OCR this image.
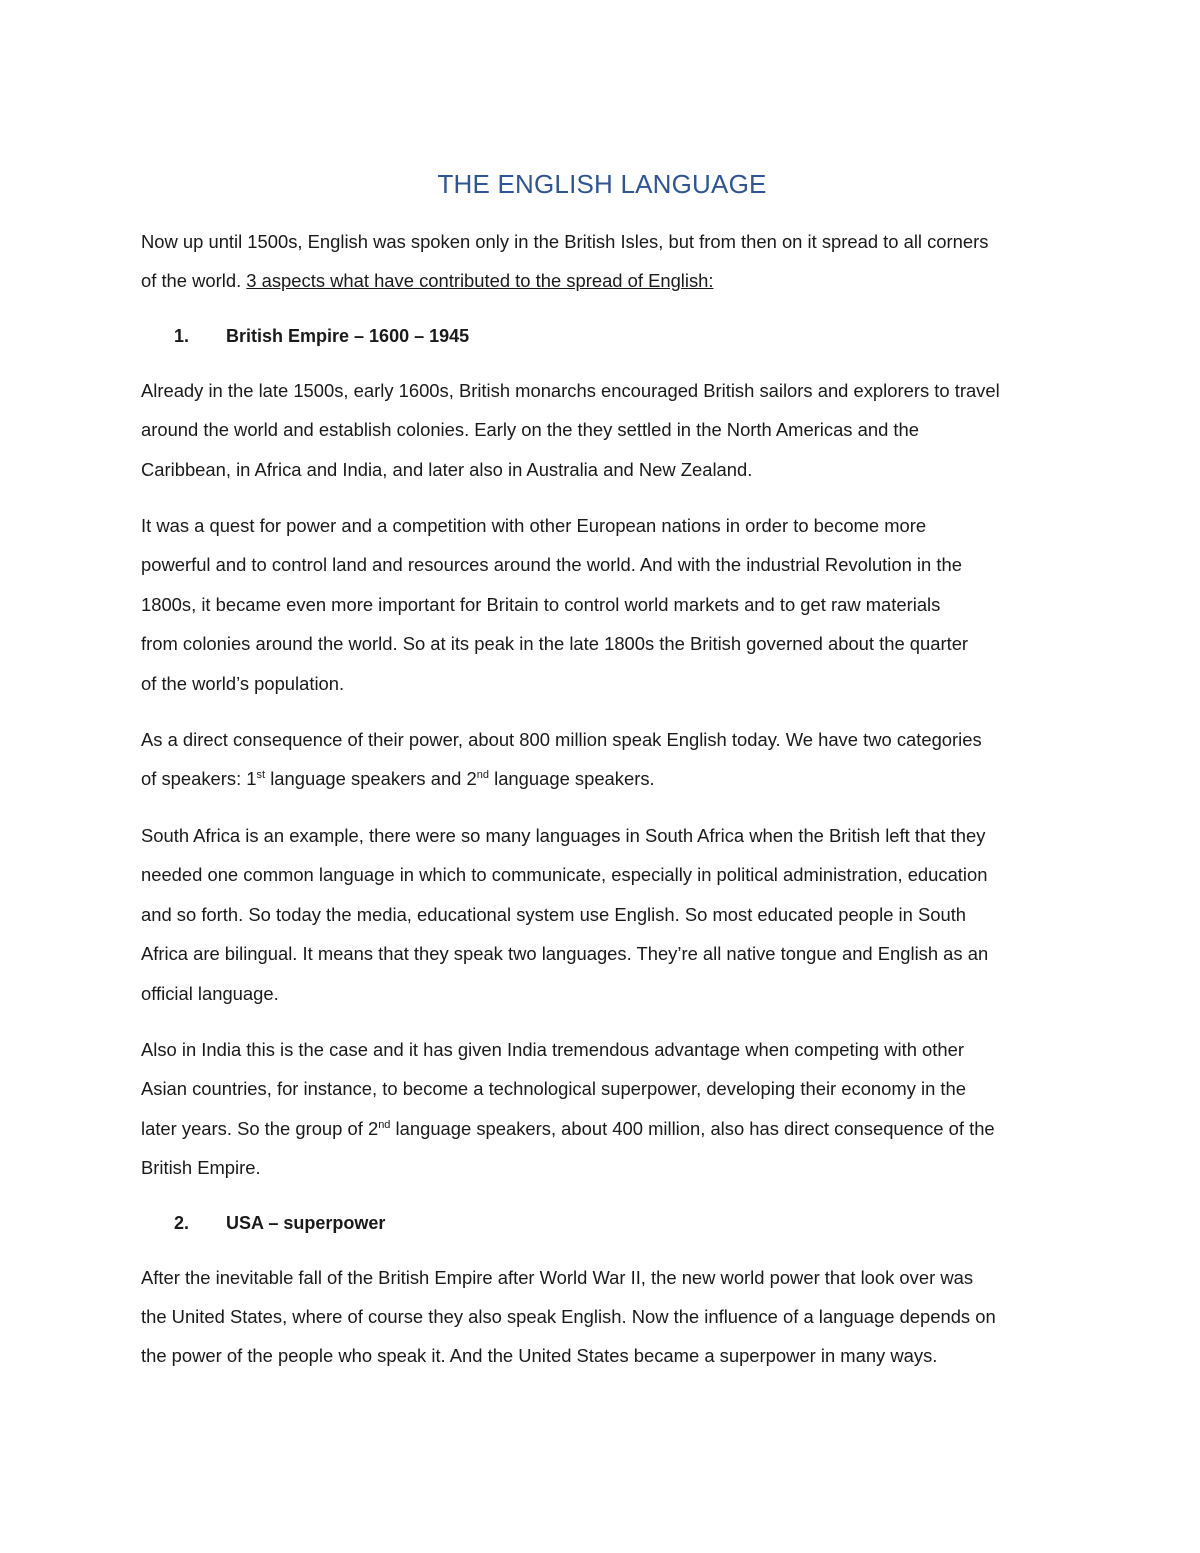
THE ENGLISH LANGUAGE

Now up until 1500s, English was spoken only in the British Isles, but from then on it spread to all corners
of the world. 3 aspects what have contributed to the spread of English:

1. British Empire – 1600 – 1945

Already in the late 1500s, early 1600s, British monarchs encouraged British sailors and explorers to travel
around the world and establish colonies. Early on the they settled in the North Americas and the
Caribbean, in Africa and India, and later also in Australia and New Zealand.

It was a quest for power and a competition with other European nations in order to become more
powerful and to control land and resources around the world. And with the industrial Revolution in the
1800s, it became even more important for Britain to control world markets and to get raw materials
from colonies around the world. So at its peak in the late 1800s the British governed about the quarter
of the world’s population.

As a direct consequence of their power, about 800 million speak English today. We have two categories
of speakers: 1st language speakers and 2nd language speakers.

South Africa is an example, there were so many languages in South Africa when the British left that they
needed one common language in which to communicate, especially in political administration, education
and so forth. So today the media, educational system use English. So most educated people in South
Africa are bilingual. It means that they speak two languages. They’re all native tongue and English as an
official language.

Also in India this is the case and it has given India tremendous advantage when competing with other
Asian countries, for instance, to become a technological superpower, developing their economy in the
later years. So the group of 2nd language speakers, about 400 million, also has direct consequence of the
British Empire.

2. USA – superpower

After the inevitable fall of the British Empire after World War II, the new world power that look over was
the United States, where of course they also speak English. Now the influence of a language depends on
the power of the people who speak it. And the United States became a superpower in many ways.
